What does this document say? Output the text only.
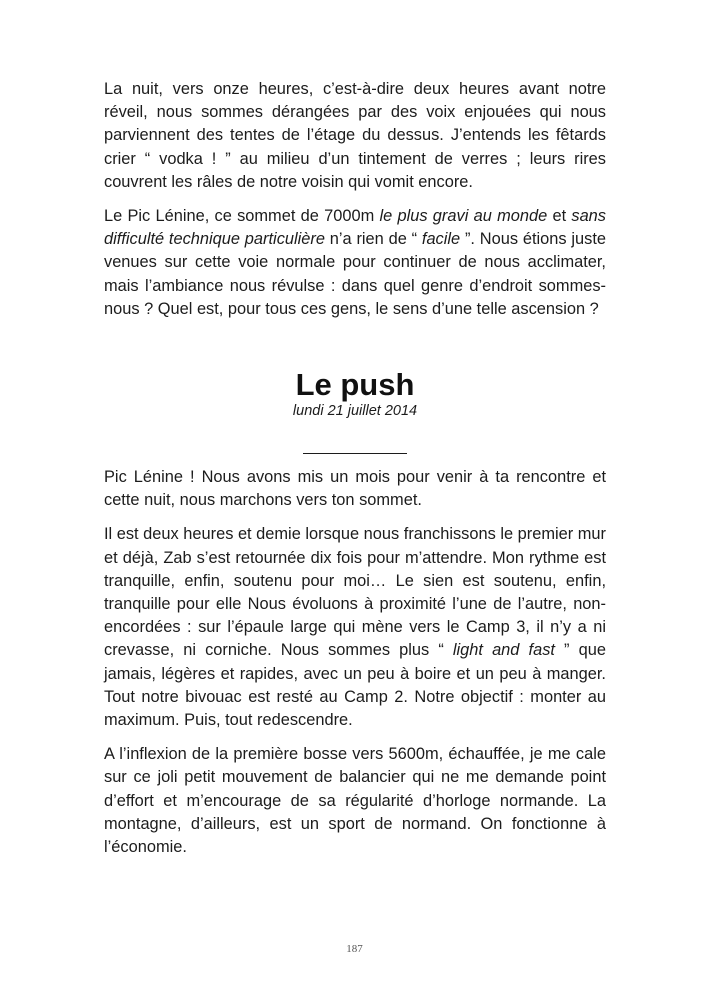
La nuit, vers onze heures, c’est-à-dire deux heures avant notre réveil, nous sommes dérangées par des voix enjouées qui nous parviennent des tentes de l’étage du dessus. J’entends les fêtards crier “ vodka ! ” au milieu d’un tintement de verres ; leurs rires couvrent les râles de notre voisin qui vomit encore.

Le Pic Lénine, ce sommet de 7000m le plus gravi au monde et sans difficulté technique particulière n’a rien de “ facile ”. Nous étions juste venues sur cette voie normale pour continuer de nous acclimater, mais l’ambiance nous révulse : dans quel genre d’endroit sommes-nous ? Quel est, pour tous ces gens, le sens d’une telle ascension ?

Le push

lundi 21 juillet 2014

Pic Lénine ! Nous avons mis un mois pour venir à ta rencontre et cette nuit, nous marchons vers ton sommet.

Il est deux heures et demie lorsque nous franchissons le premier mur et déjà, Zab s’est retournée dix fois pour m’attendre. Mon rythme est tranquille, enfin, soutenu pour moi… Le sien est soutenu, enfin, tranquille pour elle Nous évoluons à proximité l’une de l’autre, non-encordées : sur l’épaule large qui mène vers le Camp 3, il n’y a ni crevasse, ni corniche. Nous sommes plus “ light and fast ” que jamais, légères et rapides, avec un peu à boire et un peu à manger. Tout notre bivouac est resté au Camp 2. Notre objectif : monter au maximum. Puis, tout redescendre.

A l’inflexion de la première bosse vers 5600m, échauffée, je me cale sur ce joli petit mouvement de balancier qui ne me demande point d’effort et m’encourage de sa régularité d’horloge normande. La montagne, d’ailleurs, est un sport de normand. On fonctionne à l’économie.

187
